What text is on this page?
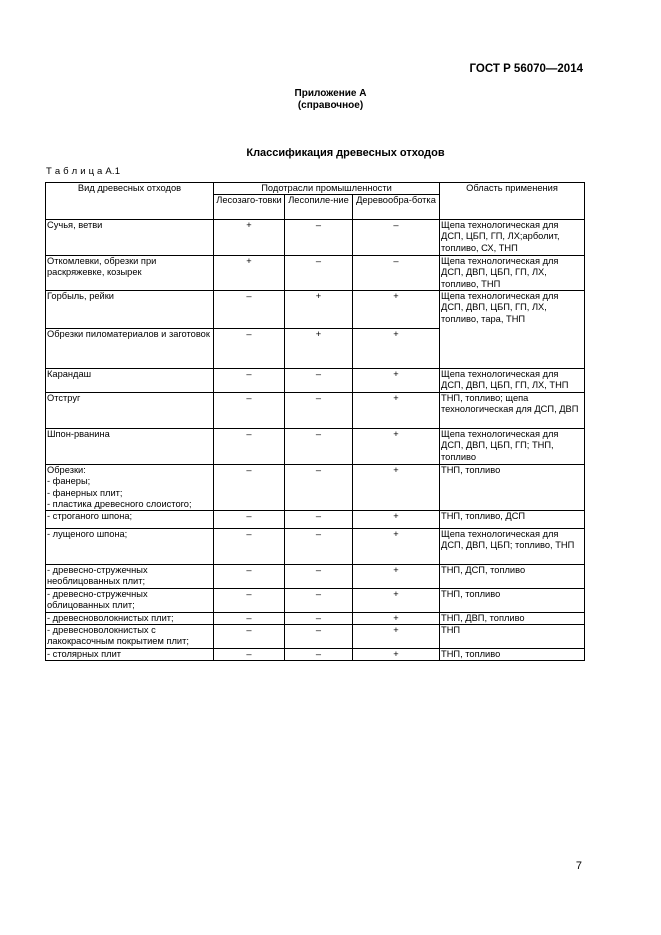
ГОСТ Р 56070—2014
Приложение А
(справочное)
Классификация древесных отходов
Т а б л и ц а А.1
Вид древесных отходов	Подотрасли промышленности			Область применения
	Лесозаго-товки	Лесопиле-ние	Деревообра-ботка	
Сучья, ветви	+	–	–	Щепа технологическая для ДСП, ЦБП, ГП, ЛХ;арболит, топливо, СХ, ТНП
Откомлевки, обрезки при раскряжевке, козырек	+	–	–	Щепа технологическая для ДСП, ДВП, ЦБП, ГП, ЛХ, топливо, ТНП
Горбыль, рейки	–	+	+	Щепа технологическая для ДСП, ДВП, ЦБП, ГП, ЛХ, топливо, тара, ТНП
Обрезки пиломатериалов и заготовок	–	+	+	
Карандаш	–	–	+	Щепа технологическая для ДСП, ДВП, ЦБП, ГП, ЛХ, ТНП
Отструг	–	–	+	ТНП, топливо; щепа технологическая для ДСП, ДВП
Шпон-рванина	–	–	+	Щепа технологическая для ДСП, ДВП, ЦБП, ГП; ТНП, топливо
Обрезки:
- фанеры;
- фанерных плит;
- пластика древесного слоистого;	–	–	+	ТНП, топливо
- строганого шпона;	–	–	+	ТНП, топливо, ДСП
- лущеного шпона;	–	–	+	Щепа технологическая для ДСП, ДВП, ЦБП; топливо, ТНП
- древесно-стружечных необлицованных плит;	–	–	+	ТНП, ДСП, топливо
- древесно-стружечных облицованных плит;	–	–	+	ТНП, топливо
- древесноволокнистых плит;	–	–	+	ТНП, ДВП, топливо
- древесноволокнистых с лакокрасочным покрытием плит;	–	–	+	ТНП
- столярных плит	–	–	+	ТНП, топливо
7
